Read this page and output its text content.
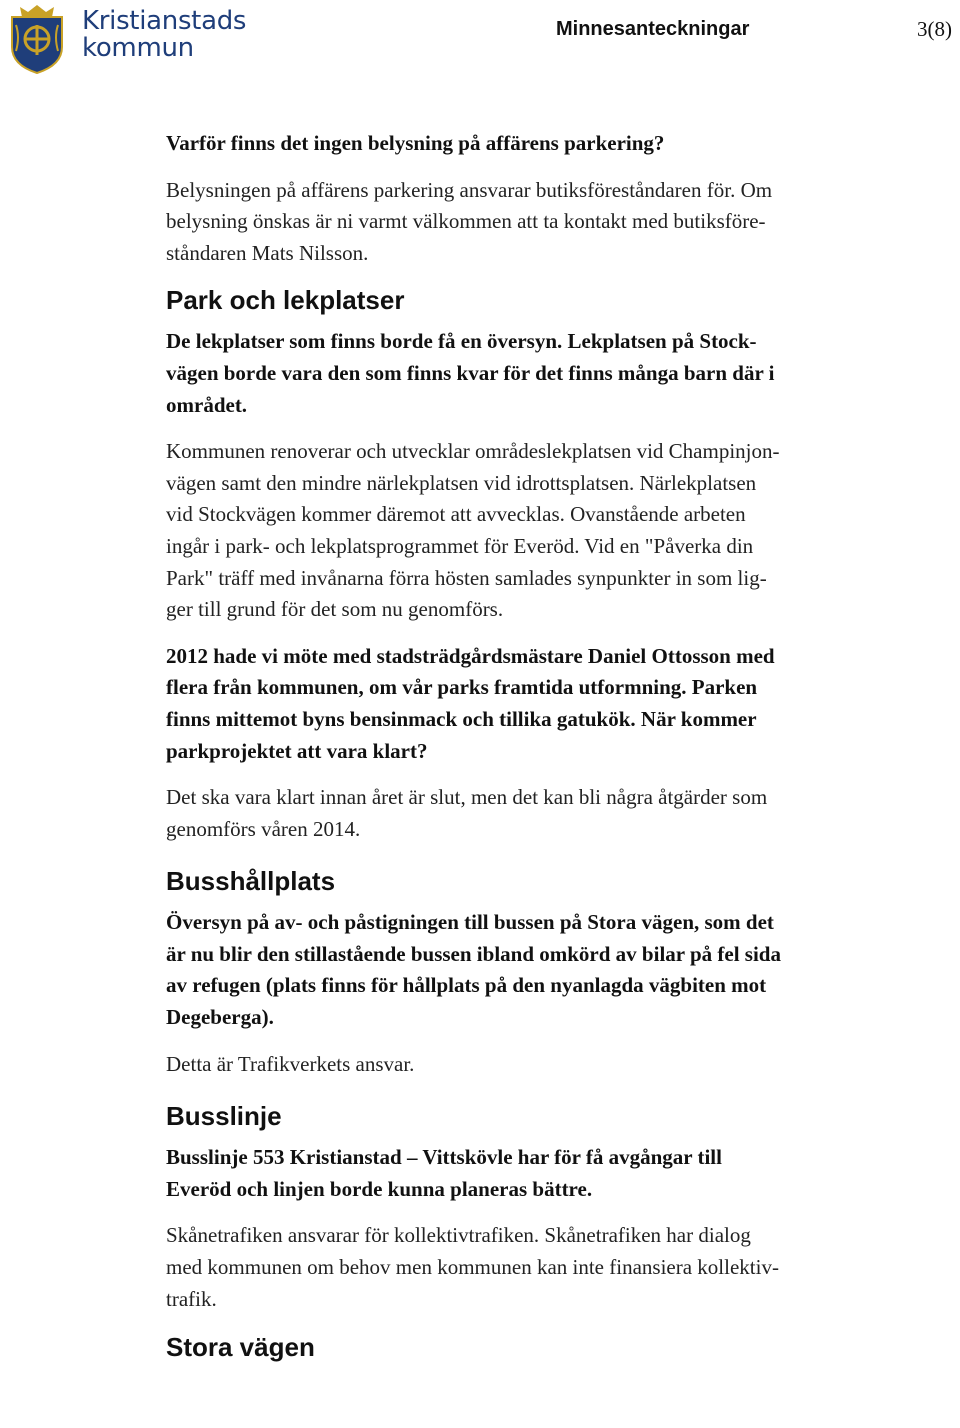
Kristianstads
kommun
Minnesanteckningar	3(8)

Varför finns det ingen belysning på affärens parkering?

Belysningen på affärens parkering ansvarar butiksföreståndaren för. Om
belysning önskas är ni varmt välkommen att ta kontakt med butiksföre-
ståndaren Mats Nilsson.

Park och lekplatser

De lekplatser som finns borde få en översyn. Lekplatsen på Stock-
vägen borde vara den som finns kvar för det finns många barn där i
området.

Kommunen renoverar och utvecklar områdeslekplatsen vid Champinjon-
vägen samt den mindre närlekplatsen vid idrottsplatsen. Närlekplatsen
vid Stockvägen kommer däremot att avvecklas. Ovanstående arbeten
ingår i park- och lekplatsprogrammet för Everöd. Vid en "Påverka din
Park" träff med invånarna förra hösten samlades synpunkter in som lig-
ger till grund för det som nu genomförs.

2012 hade vi möte med stadsträdgårdsmästare Daniel Ottosson med
flera från kommunen, om vår parks framtida utformning. Parken
finns mittemot byns bensinmack och tillika gatukök. När kommer
parkprojektet att vara klart?

Det ska vara klart innan året är slut, men det kan bli några åtgärder som
genomförs våren 2014.

Busshållplats

Översyn på av- och påstigningen till bussen på Stora vägen, som det
är nu blir den stillastående bussen ibland omkörd av bilar på fel sida
av refugen (plats finns för hållplats på den nyanlagda vägbiten mot
Degeberga).

Detta är Trafikverkets ansvar.

Busslinje

Busslinje 553 Kristianstad – Vittskövle har för få avgångar till
Everöd och linjen borde kunna planeras bättre.

Skånetrafiken ansvarar för kollektivtrafiken. Skånetrafiken har dialog
med kommunen om behov men kommunen kan inte finansiera kollektiv-
trafik.

Stora vägen
